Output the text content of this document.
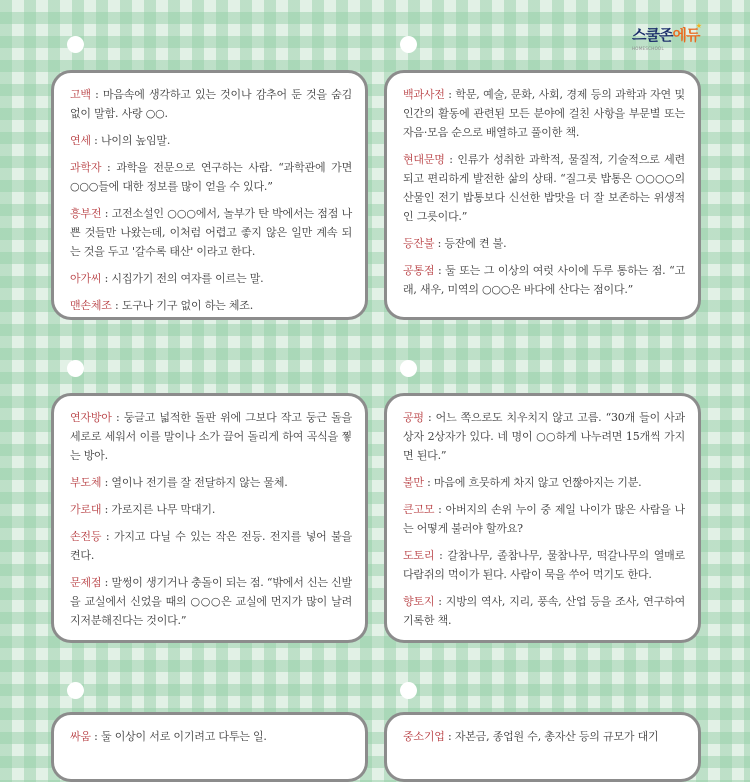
스쿨존에듀
HOMESCHOOL
★
고백 : 마음속에 생각하고 있는 것이나 감추어 둔 것을 숨김없이 말함. 사랑 ○○.
연세 : 나이의 높임말.
과학자 : 과학을 전문으로 연구하는 사람. “과학관에 가면 ○○○들에 대한 정보를 많이 얻을 수 있다.”
흥부전 : 고전소설인 ○○○에서, 놀부가 탄 박에서는 점점 나쁜 것들만 나왔는데, 이처럼 어렵고 좋지 않은 일만 계속 되는 것을 두고 '갈수록 태산' 이라고 한다.
아가씨 : 시집가기 전의 여자를 이르는 말.
맨손체조 : 도구나 기구 없이 하는 체조.
백과사전 : 학문, 예술, 문화, 사회, 경제 등의 과학과 자연 및 인간의 활동에 관련된 모든 분야에 걸친 사항을 부문별 또는 자음·모음 순으로 배열하고 풀이한 책.
현대문명 : 인류가 성취한 과학적, 물질적, 기술적으로 세련되고 편리하게 발전한 삶의 상태. “질그릇 밥통은 ○○○○의 산물인 전기 밥통보다 신선한 밥맛을 더 잘 보존하는 위생적인 그릇이다.”
등잔불 : 등잔에 켠 불.
공통점 : 둘 또는 그 이상의 여럿 사이에 두루 통하는 점. “고래, 새우, 미역의 ○○○은 바다에 산다는 점이다.”
연자방아 : 둥글고 넓적한 돌판 위에 그보다 작고 둥근 돌을 세로로 세워서 이를 말이나 소가 끌어 돌리게 하여 곡식을 찧는 방아.
부도체 : 열이나 전기를 잘 전달하지 않는 물체.
가로대 : 가로지른 나무 막대기.
손전등 : 가지고 다닐 수 있는 작은 전등. 전지를 넣어 불을 켠다.
문제점 : 말썽이 생기거나 충돌이 되는 점. “밖에서 신는 신발을 교실에서 신었을 때의 ○○○은 교실에 먼지가 많이 날려 지저분해진다는 것이다.”
공평 : 어느 쪽으로도 치우치지 않고 고름. “30개 들이 사과상자 2상자가 있다. 네 명이 ○○하게 나누려면 15개씩 가지면 된다.”
불만 : 마음에 흐뭇하게 차지 않고 언짢아지는 기분.
큰고모 : 아버지의 손위 누이 중 제일 나이가 많은 사람을 나는 어떻게 불러야 할까요?
도토리 : 갈참나무, 졸참나무, 물참나무, 떡갈나무의 열매로 다람쥐의 먹이가 된다. 사람이 묵을 쑤어 먹기도 한다.
향토지 : 지방의 역사, 지리, 풍속, 산업 등을 조사, 연구하여 기록한 책.
싸움 : 둘 이상이 서로 이기려고 다투는 일.	중소기업 : 자본금, 종업원 수, 총자산 등의 규모가 대기
